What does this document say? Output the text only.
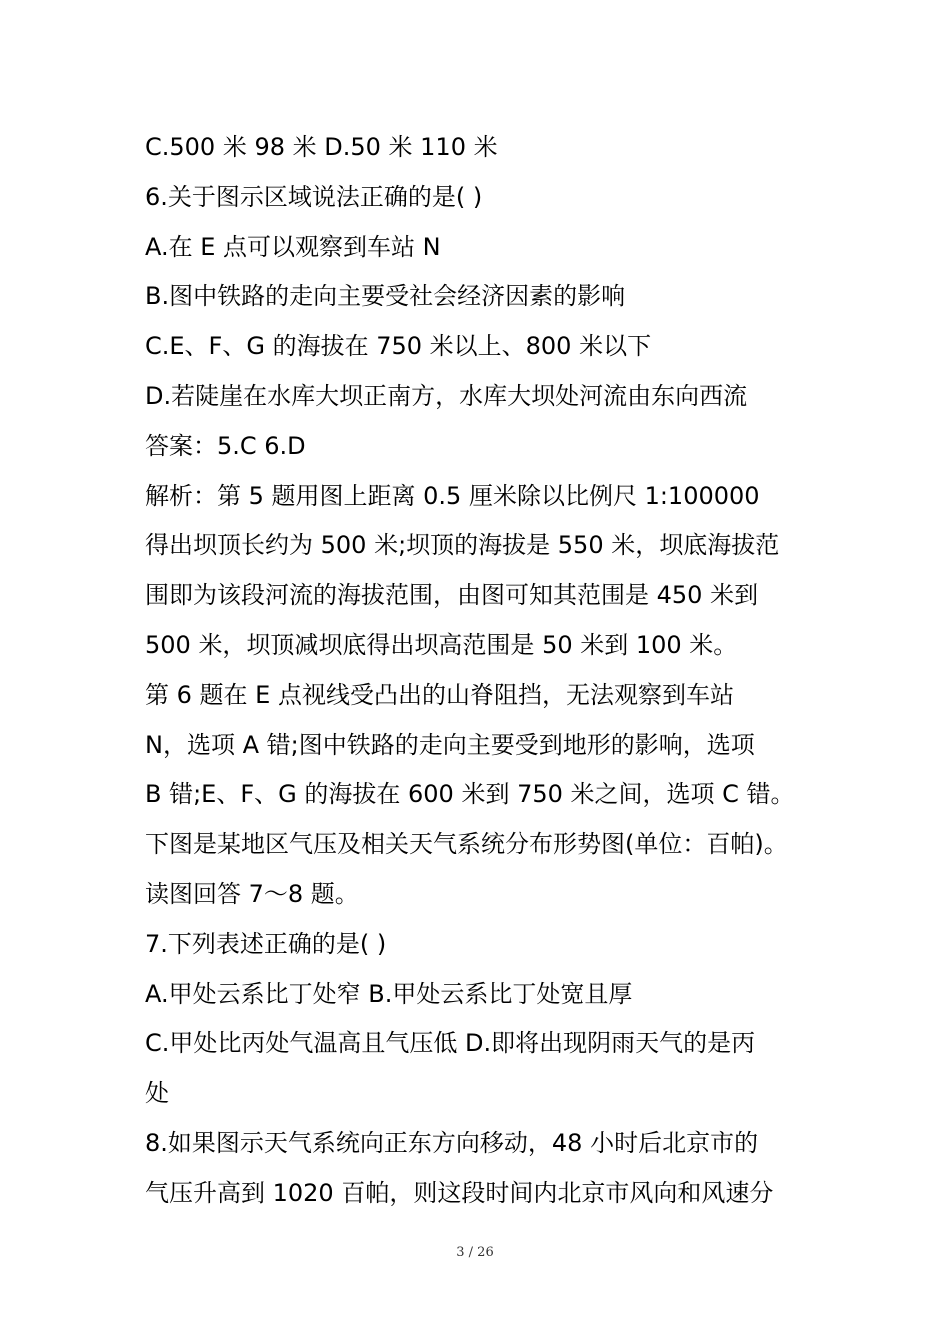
C.500 米 98 米 D.50 米 110 米
6.关于图示区域说法正确的是( )
A.在 E 点可以观察到车站 N
B.图中铁路的走向主要受社会经济因素的影响
C.E、F、G 的海拔在 750 米以上、800 米以下
D.若陡崖在水库大坝正南方，水库大坝处河流由东向西流
答案：5.C 6.D
解析：第 5 题用图上距离 0.5 厘米除以比例尺 1:100000
得出坝顶长约为 500 米;坝顶的海拔是 550 米，坝底海拔范
围即为该段河流的海拔范围，由图可知其范围是 450 米到
500 米，坝顶减坝底得出坝高范围是 50 米到 100 米。
第 6 题在 E 点视线受凸出的山脊阻挡，无法观察到车站
N，选项 A 错;图中铁路的走向主要受到地形的影响，选项
B 错;E、F、G 的海拔在 600 米到 750 米之间，选项 C 错。
下图是某地区气压及相关天气系统分布形势图(单位：百帕)。
读图回答 7～8 题。
7.下列表述正确的是( )
A.甲处云系比丁处窄 B.甲处云系比丁处宽且厚
C.甲处比丙处气温高且气压低 D.即将出现阴雨天气的是丙
处
8.如果图示天气系统向正东方向移动，48 小时后北京市的
气压升高到 1020 百帕，则这段时间内北京市风向和风速分
3 / 26
